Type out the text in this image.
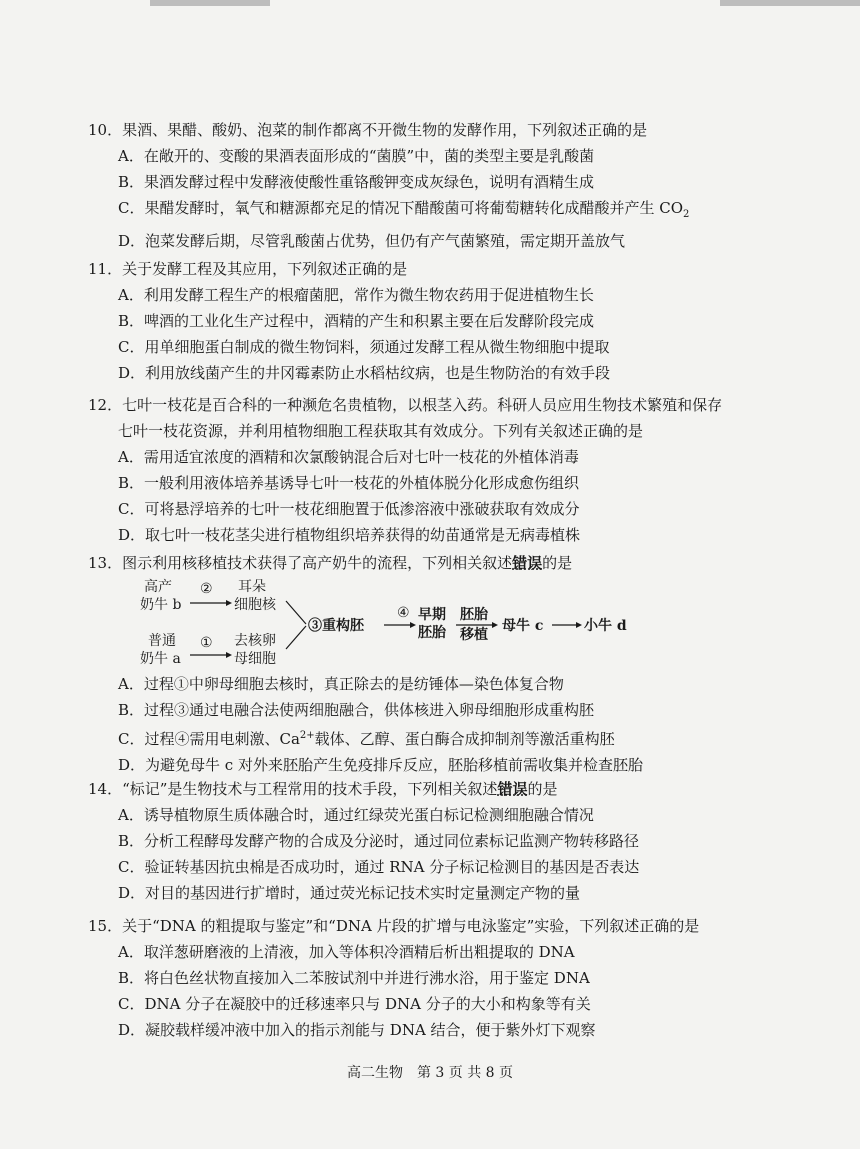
10．果酒、果醋、酸奶、泡菜的制作都离不开微生物的发酵作用，下列叙述正确的是

A．在敞开的、变酸的果酒表面形成的“菌膜”中，菌的类型主要是乳酸菌

B．果酒发酵过程中发酵液使酸性重铬酸钾变成灰绿色，说明有酒精生成

C．果醋发酵时，氧气和糖源都充足的情况下醋酸菌可将葡萄糖转化成醋酸并产生 $CO_2$

D．泡菜发酵后期，尽管乳酸菌占优势，但仍有产气菌繁殖，需定期开盖放气

11．关于发酵工程及其应用，下列叙述正确的是

A．利用发酵工程生产的根瘤菌肥，常作为微生物农药用于促进植物生长

B．啤酒的工业化生产过程中，酒精的产生和积累主要在后发酵阶段完成

C．用单细胞蛋白制成的微生物饲料，须通过发酵工程从微生物细胞中提取

D．利用放线菌产生的井冈霉素防止水稻枯纹病，也是生物防治的有效手段

12．七叶一枝花是百合科的一种濒危名贵植物，以根茎入药。科研人员应用生物技术繁殖和保存

七叶一枝花资源，并利用植物细胞工程获取其有效成分。下列有关叙述正确的是

A．需用适宜浓度的酒精和次氯酸钠混合后对七叶一枝花的外植体消毒

B．一般利用液体培养基诱导七叶一枝花的外植体脱分化形成愈伤组织

C．可将悬浮培养的七叶一枝花细胞置于低渗溶液中涨破获取有效成分

D．取七叶一枝花茎尖进行植物组织培养获得的幼苗通常是无病毒植株

13．图示利用核移植技术获得了高产奶牛的流程，下列相关叙述错误的是

高产
奶牛 b
② 耳朵
细胞核
普通
奶牛 a
① 去核卵
母细胞
③重构胚
④ 早期
胚胎
胚胎
移植
母牛 c	小牛 d

A．过程①中卵母细胞去核时，真正除去的是纺锤体—染色体复合物

B．过程③通过电融合法使两细胞融合，供体核进入卵母细胞形成重构胚

C．过程④需用电刺激、$Ca^{2+}$载体、乙醇、蛋白酶合成抑制剂等激活重构胚

D．为避免母牛 c 对外来胚胎产生免疫排斥反应，胚胎移植前需收集并检查胚胎

14．“标记”是生物技术与工程常用的技术手段，下列相关叙述错误的是

A．诱导植物原生质体融合时，通过红绿荧光蛋白标记检测细胞融合情况

B．分析工程酵母发酵产物的合成及分泌时，通过同位素标记监测产物转移路径

C．验证转基因抗虫棉是否成功时，通过 RNA 分子标记检测目的基因是否表达

D．对目的基因进行扩增时，通过荧光标记技术实时定量测定产物的量

15．关于“DNA 的粗提取与鉴定”和“DNA 片段的扩增与电泳鉴定”实验，下列叙述正确的是

A．取洋葱研磨液的上清液，加入等体积冷酒精后析出粗提取的 DNA

B．将白色丝状物直接加入二苯胺试剂中并进行沸水浴，用于鉴定 DNA

C．DNA 分子在凝胶中的迁移速率只与 DNA 分子的大小和构象等有关

D．凝胶载样缓冲液中加入的指示剂能与 DNA 结合，便于紫外灯下观察

高二生物　第 3 页 共 8 页
